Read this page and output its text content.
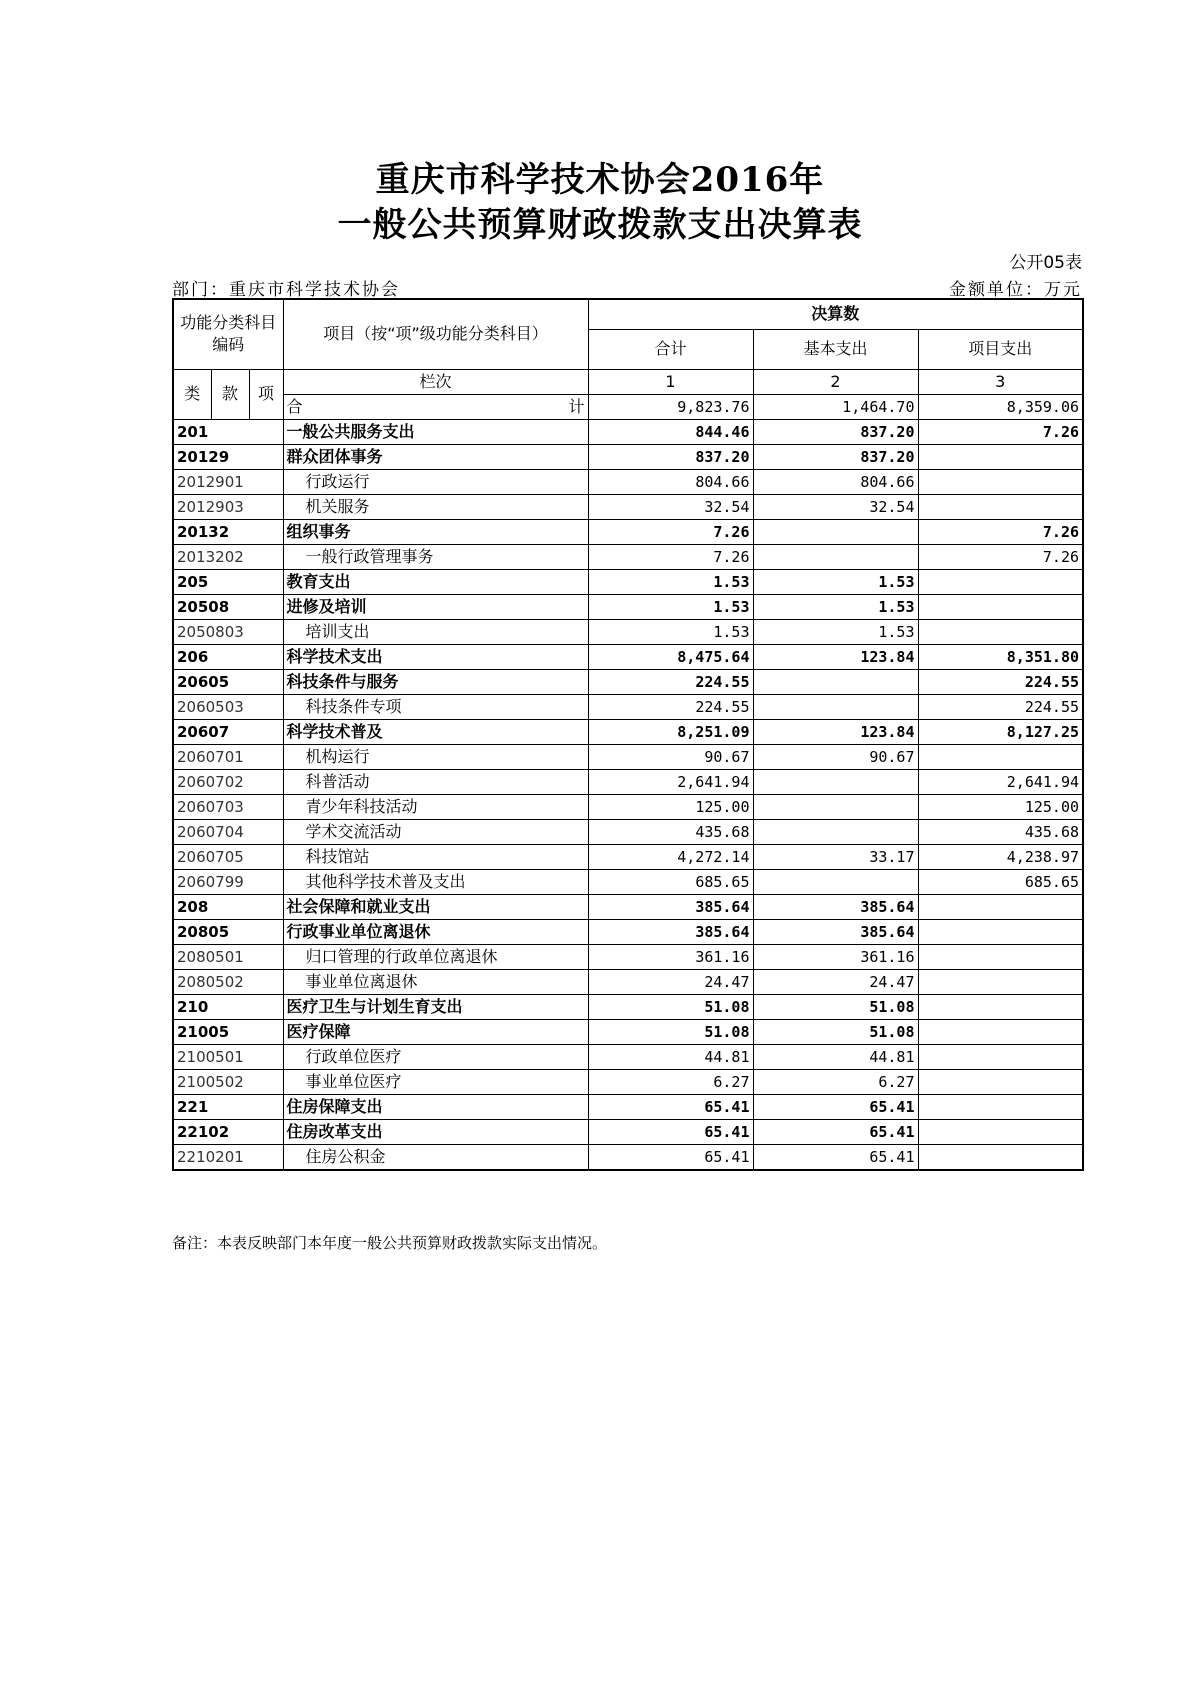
重庆市科学技术协会2016年
一般公共预算财政拨款支出决算表
公开05表
部门：重庆市科学技术协会	金额单位：万元
功能分类科目编码			项目（按“项”级功能分类科目）	决算数		
				合计	基本支出	项目支出
类	款	项	栏次	1	2	3

			合 计	9,823.76	1,464.70	8,359.06
201			一般公共服务支出	844.46	837.20	7.26
20129			群众团体事务	837.20	837.20	
2012901			行政运行	804.66	804.66	
2012903			机关服务	32.54	32.54	
20132			组织事务	7.26		7.26
2013202			一般行政管理事务	7.26		7.26
205			教育支出	1.53	1.53	
20508			进修及培训	1.53	1.53	
2050803			培训支出	1.53	1.53	
206			科学技术支出	8,475.64	123.84	8,351.80
20605			科技条件与服务	224.55		224.55
2060503			科技条件专项	224.55		224.55
20607			科学技术普及	8,251.09	123.84	8,127.25
2060701			机构运行	90.67	90.67	
2060702			科普活动	2,641.94		2,641.94
2060703			青少年科技活动	125.00		125.00
2060704			学术交流活动	435.68		435.68
2060705			科技馆站	4,272.14	33.17	4,238.97
2060799			其他科学技术普及支出	685.65		685.65
208			社会保障和就业支出	385.64	385.64	
20805			行政事业单位离退休	385.64	385.64	
2080501			归口管理的行政单位离退休	361.16	361.16	
2080502			事业单位离退休	24.47	24.47	
210			医疗卫生与计划生育支出	51.08	51.08	
21005			医疗保障	51.08	51.08	
2100501			行政单位医疗	44.81	44.81	
2100502			事业单位医疗	6.27	6.27	
221			住房保障支出	65.41	65.41	
22102			住房改革支出	65.41	65.41	
2210201			住房公积金	65.41	65.41	
备注：本表反映部门本年度一般公共预算财政拨款实际支出情况。
